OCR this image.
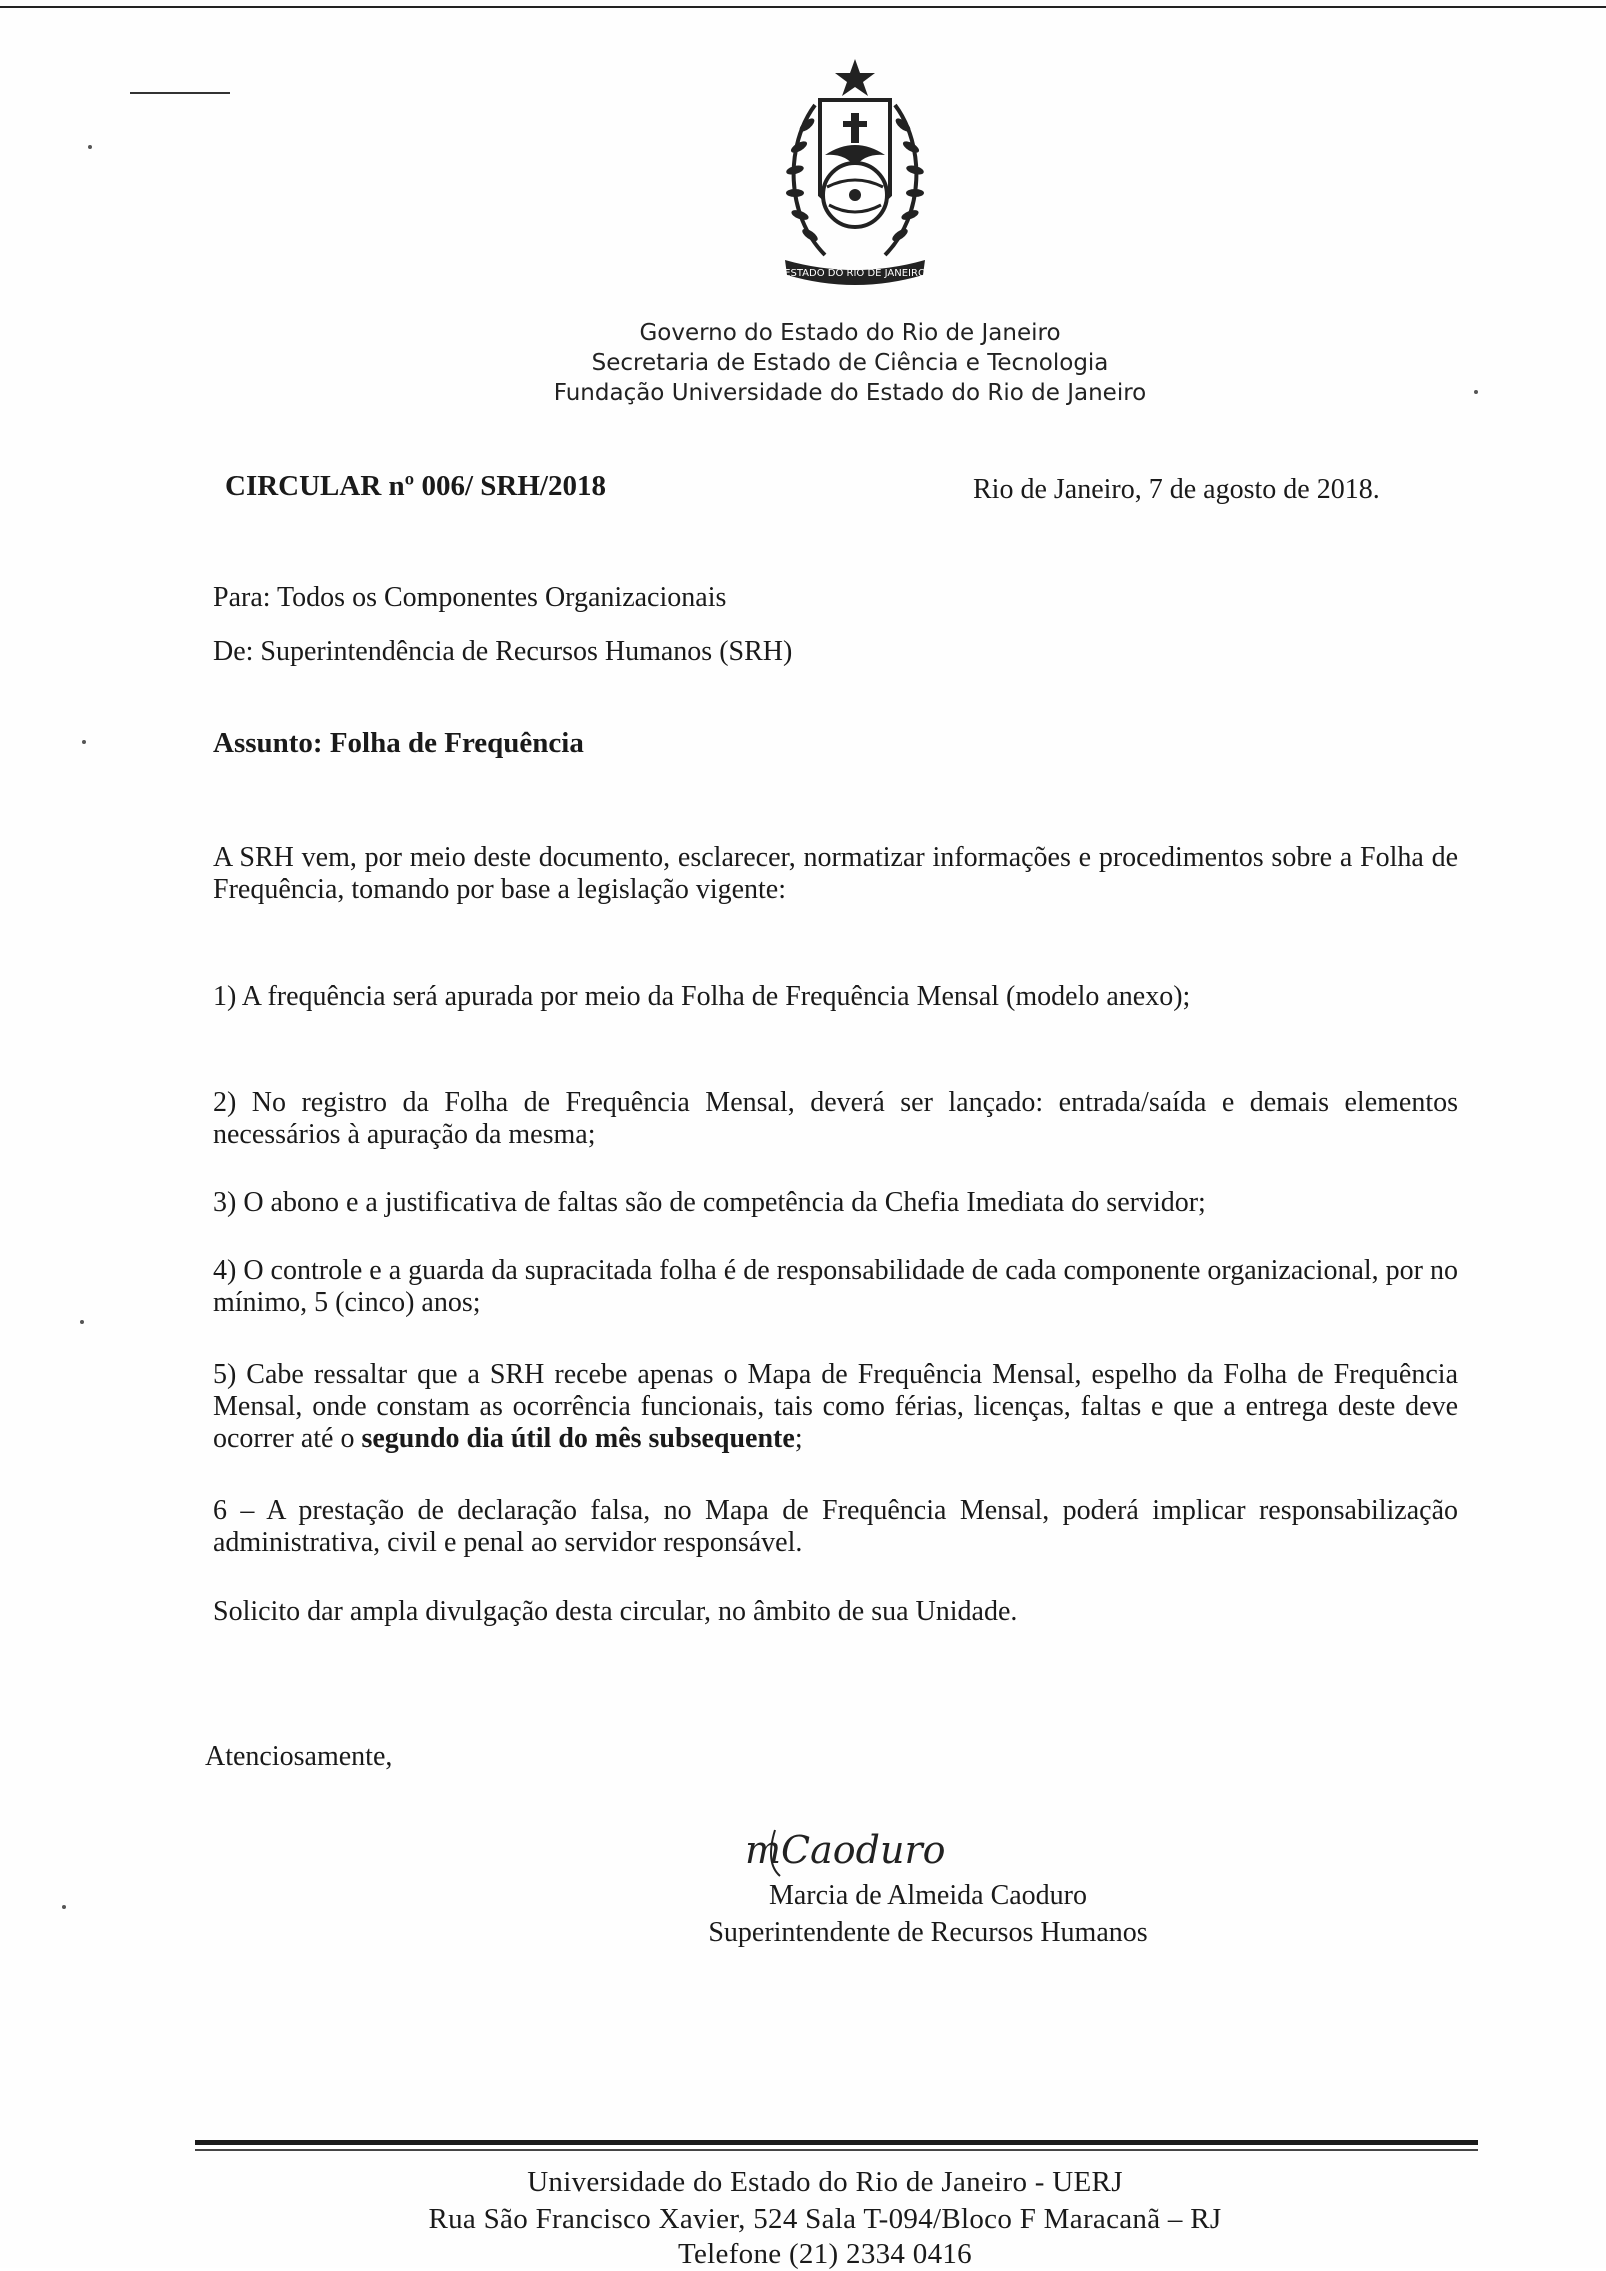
ESTADO DO RIO DE JANEIRO
Governo do Estado do Rio de Janeiro
Secretaria de Estado de Ciência e Tecnologia
Fundação Universidade do Estado do Rio de Janeiro
CIRCULAR nº 006/ SRH/2018	Rio de Janeiro, 7 de agosto de 2018.
Para: Todos os Componentes Organizacionais
De: Superintendência de Recursos Humanos (SRH)
Assunto: Folha de Frequência
A SRH vem, por meio deste documento, esclarecer, normatizar informações e procedimentos sobre a Folha de Frequência, tomando por base a legislação vigente:
1) A frequência será apurada por meio da Folha de Frequência Mensal (modelo anexo);
2) No registro da Folha de Frequência Mensal, deverá ser lançado: entrada/saída e demais elementos necessários à apuração da mesma;
3) O abono e a justificativa de faltas são de competência da Chefia Imediata do servidor;
4) O controle e a guarda da supracitada folha é de responsabilidade de cada componente organizacional, por no mínimo, 5 (cinco) anos;
5) Cabe ressaltar que a SRH recebe apenas o Mapa de Frequência Mensal, espelho da Folha de Frequência Mensal, onde constam as ocorrência funcionais, tais como férias, licenças, faltas e que a entrega deste deve ocorrer até o segundo dia útil do mês subsequente;
6 – A prestação de declaração falsa, no Mapa de Frequência Mensal, poderá implicar responsabilização administrativa, civil e penal ao servidor responsável.
Solicito dar ampla divulgação desta circular, no âmbito de sua Unidade.
Atenciosamente,
mCaoduro
Marcia de Almeida Caoduro
Superintendente de Recursos Humanos
Universidade do Estado do Rio de Janeiro - UERJ
Rua São Francisco Xavier, 524 Sala T-094/Bloco F Maracanã – RJ
Telefone (21) 2334 0416
